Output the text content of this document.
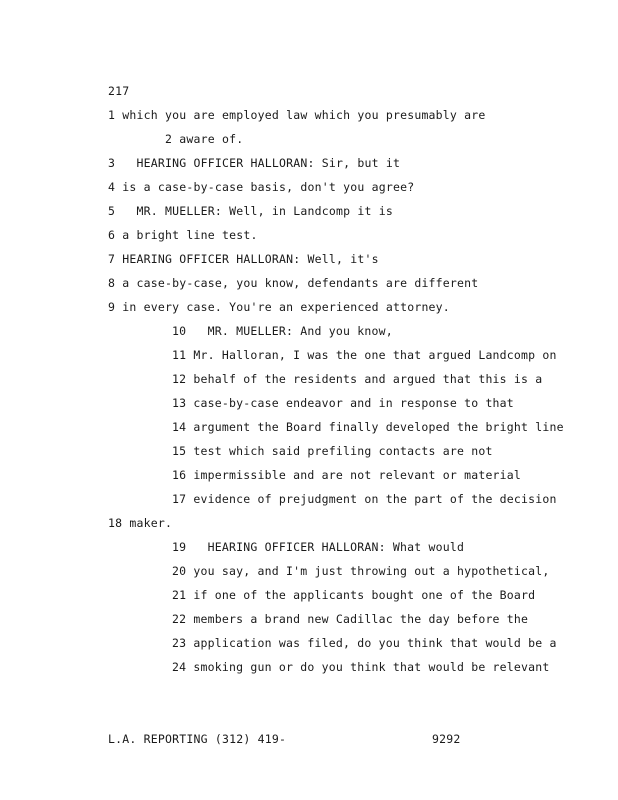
217
1 which you are employed law which you presumably are
2 aware of.
3   HEARING OFFICER HALLORAN: Sir, but it
4 is a case-by-case basis, don't you agree?
5   MR. MUELLER: Well, in Landcomp it is
6 a bright line test.
7 HEARING OFFICER HALLORAN: Well, it's
8 a case-by-case, you know, defendants are different
9 in every case. You're an experienced attorney.
10   MR. MUELLER: And you know,
11 Mr. Halloran, I was the one that argued Landcomp on
12 behalf of the residents and argued that this is a
13 case-by-case endeavor and in response to that
14 argument the Board finally developed the bright line
15 test which said prefiling contacts are not
16 impermissible and are not relevant or material
17 evidence of prejudgment on the part of the decision
18 maker.
19   HEARING OFFICER HALLORAN: What would
20 you say, and I'm just throwing out a hypothetical,
21 if one of the applicants bought one of the Board
22 members a brand new Cadillac the day before the
23 application was filed, do you think that would be a
24 smoking gun or do you think that would be relevant
L.A. REPORTING (312) 419-	9292
